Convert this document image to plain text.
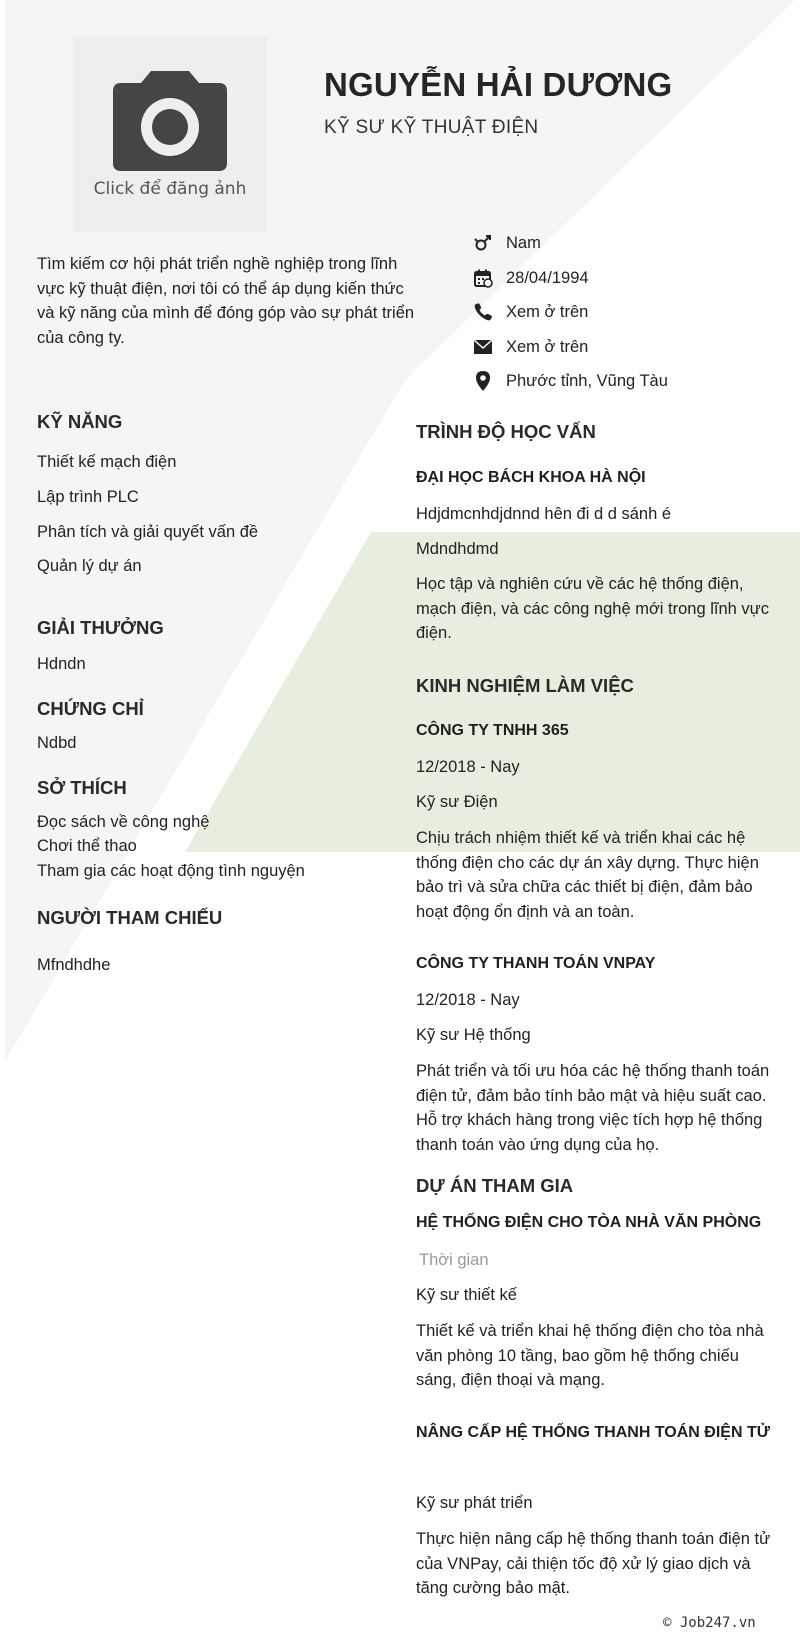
Click để đăng ảnh
NGUYỄN HẢI DƯƠNG
KỸ SƯ KỸ THUẬT ĐIỆN
Tìm kiếm cơ hội phát triển nghề nghiệp trong lĩnh vực kỹ thuật điện, nơi tôi có thể áp dụng kiến thức và kỹ năng của mình để đóng góp vào sự phát triển của công ty.
Nam
28/04/1994
Xem ở trên
Xem ở trên
Phước tỉnh, Vũng Tàu
KỸ NĂNG
Thiết kế mạch điện
Lập trình PLC
Phân tích và giải quyết vấn đề
Quản lý dự án
GIẢI THƯỞNG
Hdndn
CHỨNG CHỈ
Ndbd
SỞ THÍCH
Đọc sách về công nghệ
Chơi thể thao
Tham gia các hoạt động tình nguyện
NGƯỜI THAM CHIẾU
Mfndhdhe
TRÌNH ĐỘ HỌC VẤN
ĐẠI HỌC BÁCH KHOA HÀ NỘI
Hdjdmcnhdjdnnd hên đi d d sánh é
Mdndhdmd
Học tập và nghiên cứu về các hệ thống điện, mạch điện, và các công nghệ mới trong lĩnh vực điện.
KINH NGHIỆM LÀM VIỆC
CÔNG TY TNHH 365
12/2018 - Nay
Kỹ sư Điện
Chịu trách nhiệm thiết kế và triển khai các hệ thống điện cho các dự án xây dựng. Thực hiện bảo trì và sửa chữa các thiết bị điện, đảm bảo hoạt động ổn định và an toàn.
CÔNG TY THANH TOÁN VNPAY
12/2018 - Nay
Kỹ sư Hệ thống
Phát triển và tối ưu hóa các hệ thống thanh toán điện tử, đảm bảo tính bảo mật và hiệu suất cao. Hỗ trợ khách hàng trong việc tích hợp hệ thống thanh toán vào ứng dụng của họ.
DỰ ÁN THAM GIA
HỆ THỐNG ĐIỆN CHO TÒA NHÀ VĂN PHÒNG
Thời gian
Kỹ sư thiết kế
Thiết kế và triển khai hệ thống điện cho tòa nhà văn phòng 10 tầng, bao gồm hệ thống chiếu sáng, điện thoại và mạng.
NÂNG CẤP HỆ THỐNG THANH TOÁN ĐIỆN TỬ
Kỹ sư phát triển
Thực hiện nâng cấp hệ thống thanh toán điện tử của VNPay, cải thiện tốc độ xử lý giao dịch và tăng cường bảo mật.
© Job247.vn
